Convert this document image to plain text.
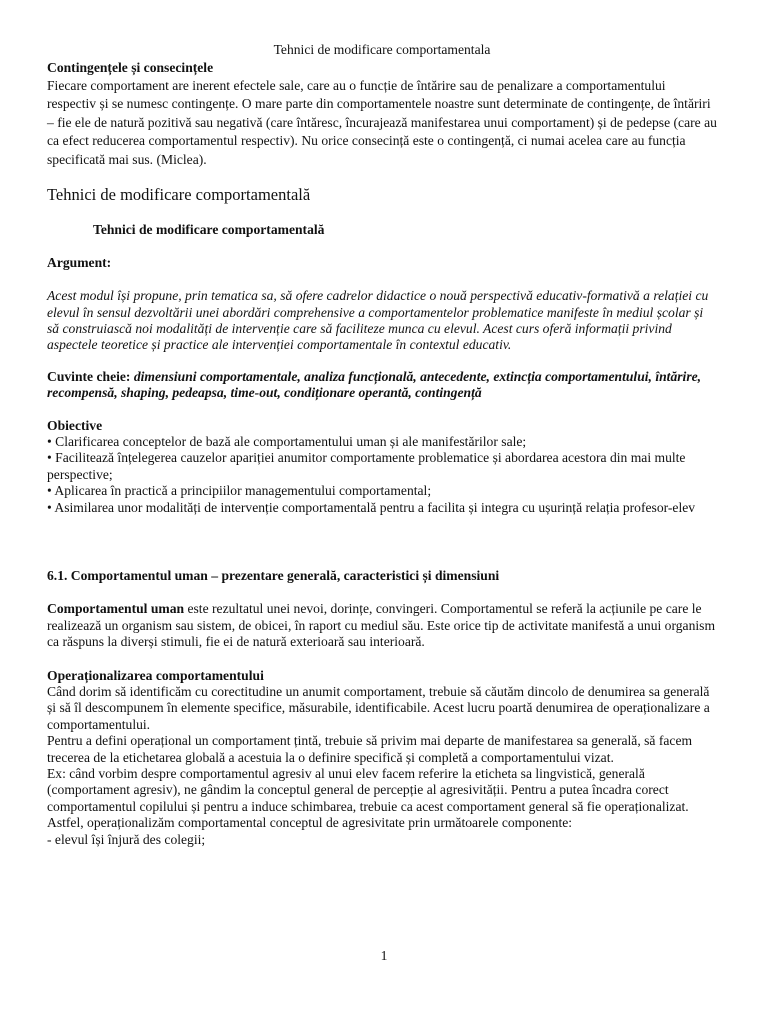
Tehnici de modificare comportamentala

Contingențele și consecințele

Fiecare comportament are inerent efectele sale, care au o funcție de întărire sau de penalizare a comportamentului respectiv și se numesc contingențe. O mare parte din comportamentele noastre sunt determinate de contingențe, de întăriri – fie ele de natură pozitivă sau negativă (care întăresc, încurajează manifestarea unui comportament) și de pedepse (care au ca efect reducerea comportamentul respectiv). Nu orice consecință este o contingență, ci numai acelea care au funcția specificată mai sus. (Miclea).

Tehnici de modificare comportamentală

Tehnici de modificare comportamentală

Argument:

Acest modul își propune, prin tematica sa, să ofere cadrelor didactice o nouă perspectivă educativ-formativă a relației cu elevul în sensul dezvoltării unei abordări comprehensive a comportamentelor problematice manifeste în mediul școlar și să construiască noi modalități de intervenție care să faciliteze munca cu elevul. Acest curs oferă informații privind aspectele teoretice și practice ale intervenției comportamentale în contextul educativ.

Cuvinte cheie: dimensiuni comportamentale, analiza funcțională, antecedente, extincția comportamentului, întărire, recompensă, shaping, pedeapsa, time-out, condiționare operantă, contingență

Obiective

• Clarificarea conceptelor de bază ale comportamentului uman și ale manifestărilor sale;

• Facilitează înțelegerea cauzelor apariției anumitor comportamente problematice și abordarea acestora din mai multe perspective;

• Aplicarea în practică a principiilor managementului comportamental;

• Asimilarea unor modalități de intervenție comportamentală pentru a facilita și integra cu ușurință relația profesor-elev

6.1. Comportamentul uman – prezentare generală, caracteristici și dimensiuni

Comportamentul uman este rezultatul unei nevoi, dorințe, convingeri. Comportamentul se referă la acțiunile pe care le realizează un organism sau sistem, de obicei, în raport cu mediul său. Este orice tip de activitate manifestă a unui organism ca răspuns la diverși stimuli, fie ei de natură exterioară sau interioară.

Operaționalizarea comportamentului

Când dorim să identificăm cu corectitudine un anumit comportament, trebuie să căutăm dincolo de denumirea sa generală și să îl descompunem în elemente specifice, măsurabile, identificabile. Acest lucru poartă denumirea de operaționalizare a comportamentului.

Pentru a defini operațional un comportament țintă, trebuie să privim mai departe de manifestarea sa generală, să facem trecerea de la etichetarea globală a acestuia la o definire specifică și completă a comportamentului vizat.

Ex: când vorbim despre comportamentul agresiv al unui elev facem referire la eticheta sa lingvistică, generală (comportament agresiv), ne gândim la conceptul general de percepție al agresivității. Pentru a putea încadra corect comportamentul copilului și pentru a induce schimbarea, trebuie ca acest comportament general să fie operaționalizat. Astfel, operaționalizăm comportamental conceptul de agresivitate prin următoarele componente:

- elevul își înjură des colegii;

1
